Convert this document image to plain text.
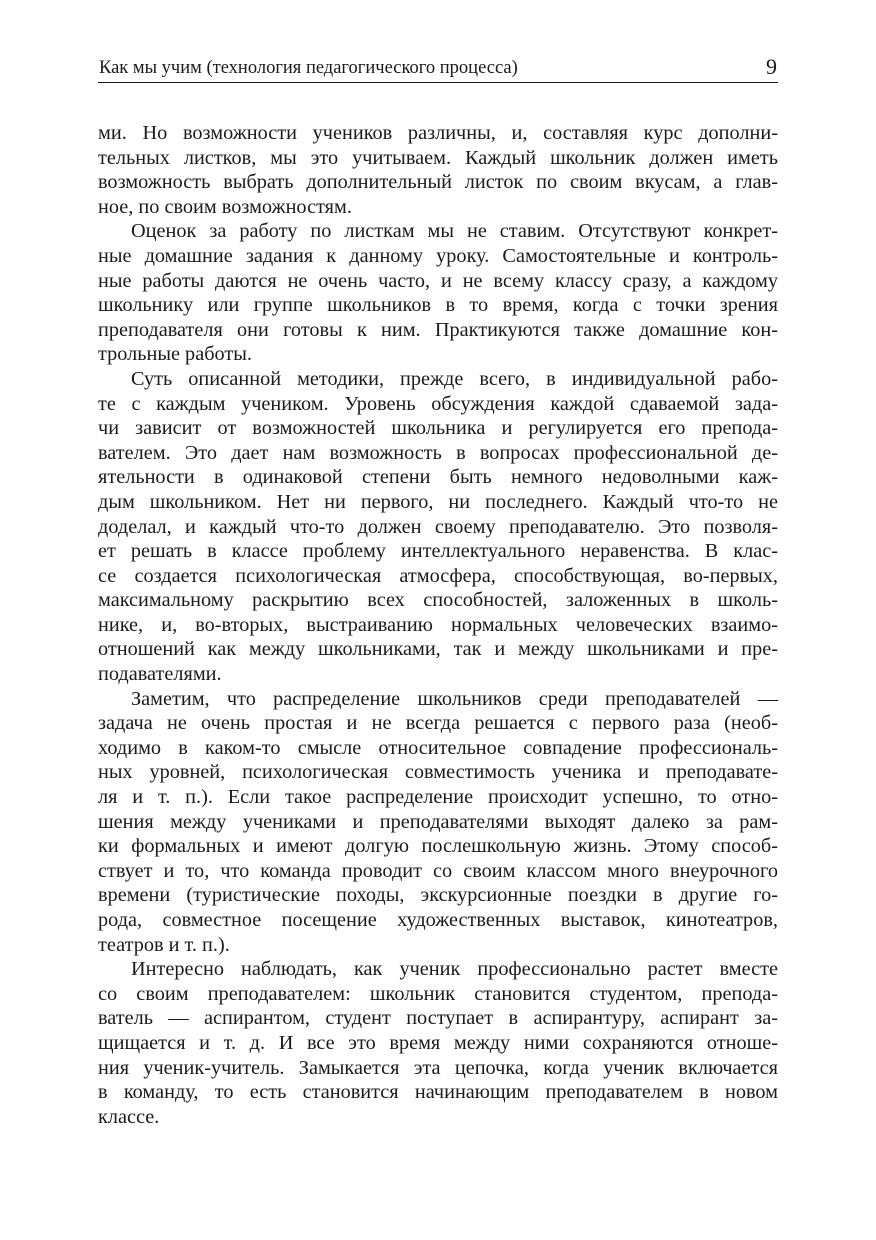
Как мы учим (технология педагогического процесса)	9
ми. Но возможности учеников различны, и, составляя курс дополни-
тельных листков, мы это учитываем. Каждый школьник должен иметь
возможность выбрать дополнительный листок по своим вкусам, а глав-
ное, по своим возможностям.
Оценок за работу по листкам мы не ставим. Отсутствуют конкрет-
ные домашние задания к данному уроку. Самостоятельные и контроль-
ные работы даются не очень часто, и не всему классу сразу, а каждому
школьнику или группе школьников в то время, когда с точки зрения
преподавателя они готовы к ним. Практикуются также домашние кон-
трольные работы.
Суть описанной методики, прежде всего, в индивидуальной рабо-
те с каждым учеником. Уровень обсуждения каждой сдаваемой зада-
чи зависит от возможностей школьника и регулируется его препода-
вателем. Это дает нам возможность в вопросах профессиональной де-
ятельности в одинаковой степени быть немного недоволными каж-
дым школьником. Нет ни первого, ни последнего. Каждый что-то не
доделал, и каждый что-то должен своему преподавателю. Это позволя-
ет решать в классе проблему интеллектуального неравенства. В клас-
се создается психологическая атмосфера, способствующая, во-первых,
максимальному раскрытию всех способностей, заложенных в школь-
нике, и, во-вторых, выстраиванию нормальных человеческих взаимо-
отношений как между школьниками, так и между школьниками и пре-
подавателями.
Заметим, что распределение школьников среди преподавателей —
задача не очень простая и не всегда решается с первого раза (необ-
ходимо в каком-то смысле относительное совпадение профессиональ-
ных уровней, психологическая совместимость ученика и преподавате-
ля и т. п.). Если такое распределение происходит успешно, то отно-
шения между учениками и преподавателями выходят далеко за рам-
ки формальных и имеют долгую послешкольную жизнь. Этому способ-
ствует и то, что команда проводит со своим классом много внеурочного
времени (туристические походы, экскурсионные поездки в другие го-
рода, совместное посещение художественных выставок, кинотеатров,
театров и т. п.).
Интересно наблюдать, как ученик профессионально растет вместе
со своим преподавателем: школьник становится студентом, препода-
ватель — аспирантом, студент поступает в аспирантуру, аспирант за-
щищается и т. д. И все это время между ними сохраняются отноше-
ния ученик-учитель. Замыкается эта цепочка, когда ученик включается
в команду, то есть становится начинающим преподавателем в новом
классе.
